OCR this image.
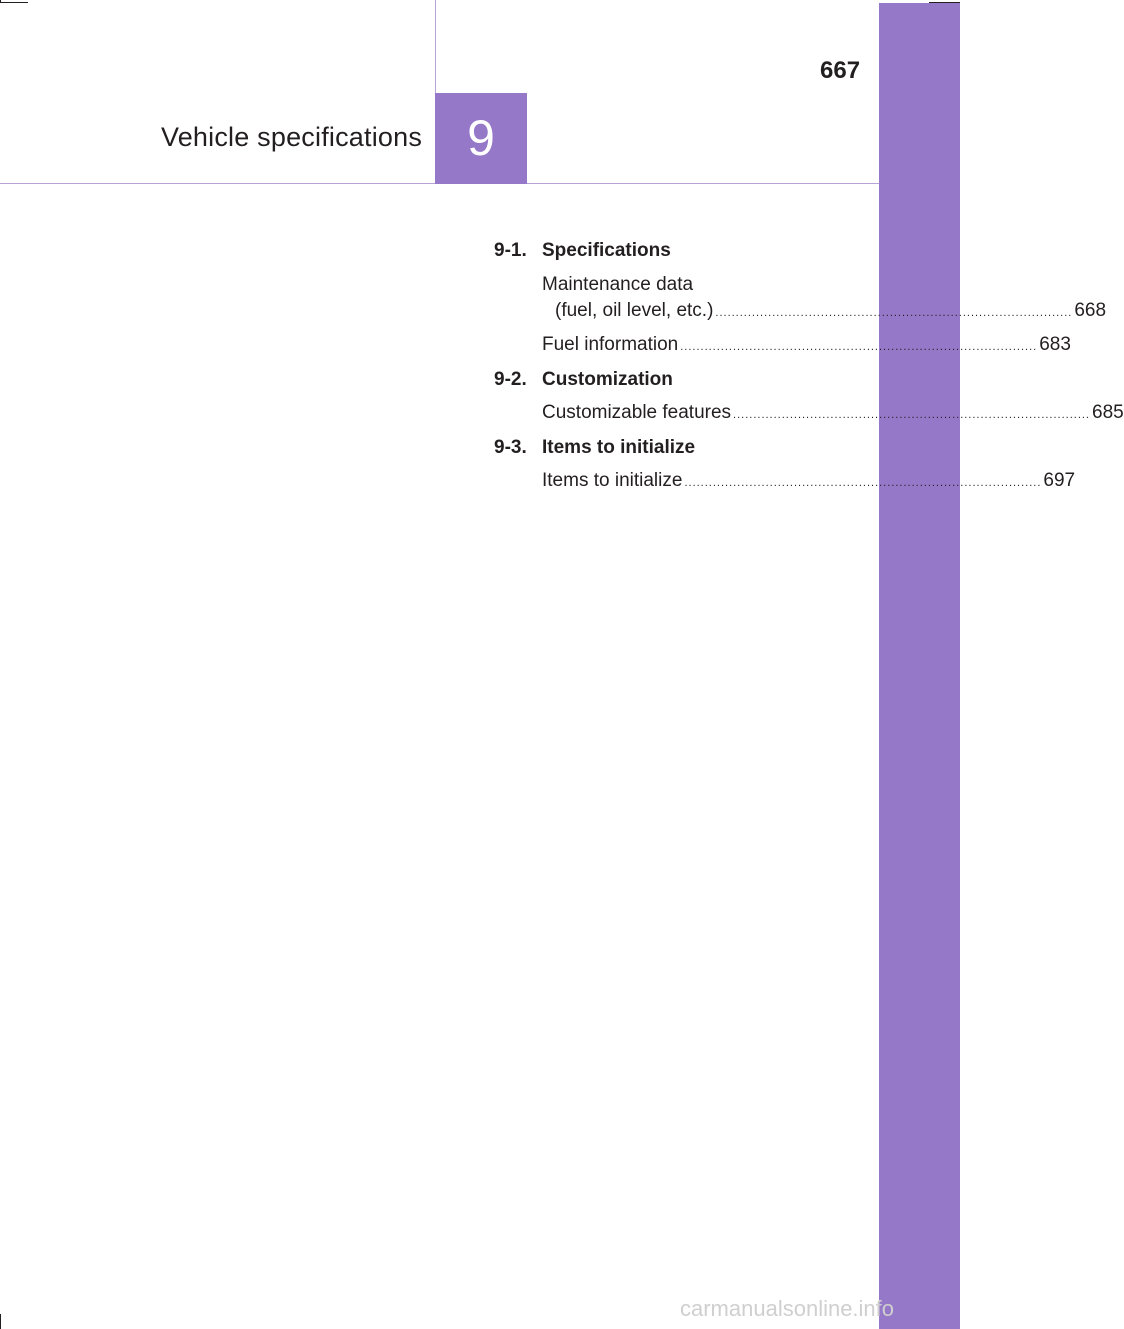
Vehicle specifications 9
667
9-1. Specifications
Maintenance data
(fuel, oil level, etc.) ........................................................................................ 668
Fuel information ........................................................................................ 683
9-2. Customization
Customizable features ........................................................................................ 685
9-3. Items to initialize
Items to initialize ........................................................................................ 697
carmanualsonline.info
